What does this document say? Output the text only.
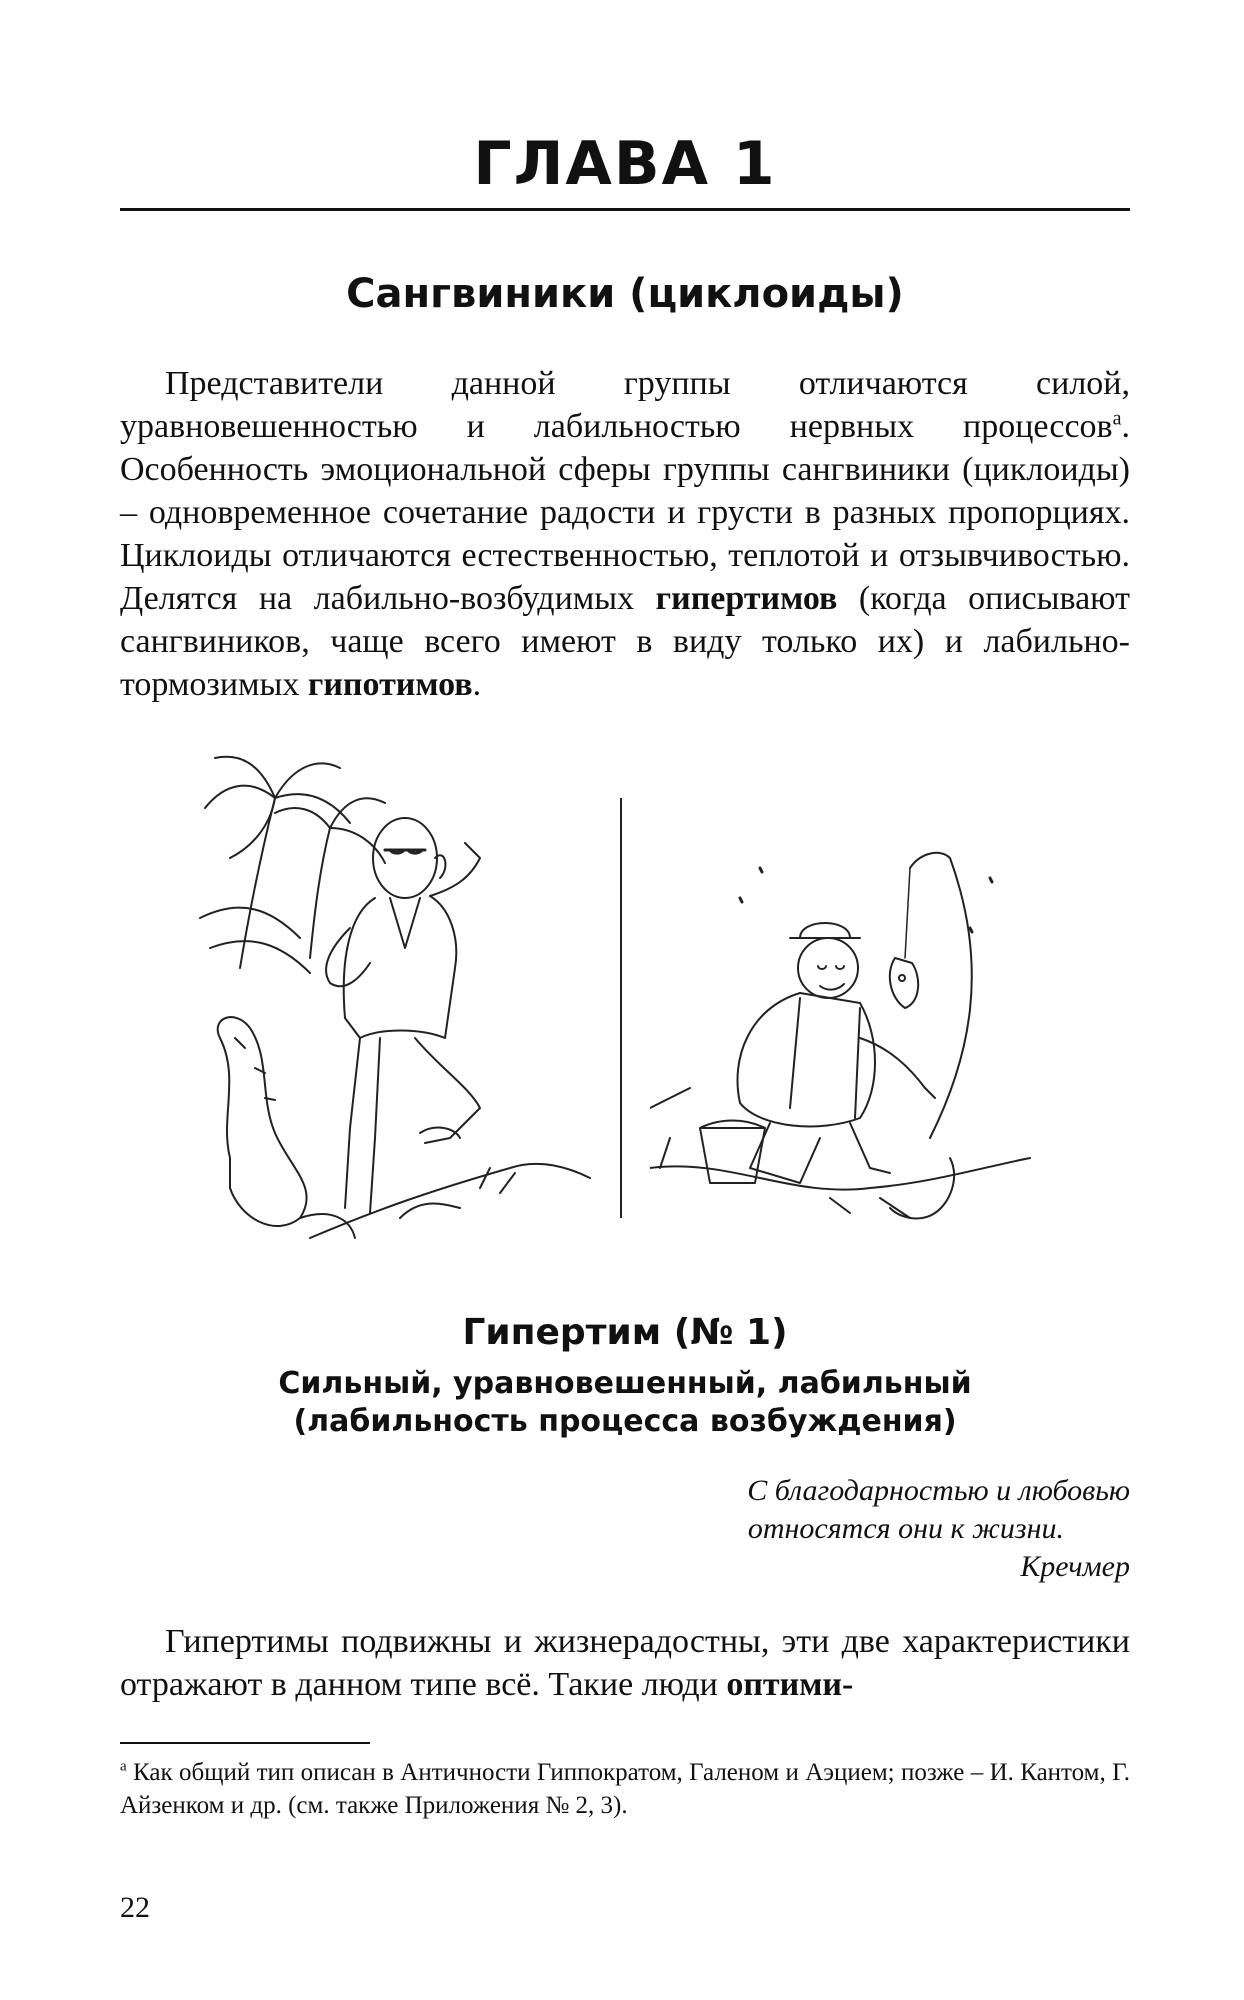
ГЛАВА 1
Сангвиники (циклоиды)

Представители данной группы отличаются силой, уравновешенностью и лабильностью нервных процессов$^a$. Особенность эмоциональной сферы группы сангвиники (циклоиды) – одновременное сочетание радости и грусти в разных пропорциях. Циклоиды отличаются естественностью, теплотой и отзывчивостью. Делятся на лабильно-возбудимых гипертимов (когда описывают сангвиников, чаще всего имеют в виду только их) и лабильно-тормозимых гипотимов.

Гипертим (№ 1)
Сильный, уравновешенный, лабильный
(лабильность процесса возбуждения)
С благодарностью и любовью
относятся они к жизни.
Кречмер

Гипертимы подвижны и жизнерадостны, эти две характеристики отражают в данном типе всё. Такие люди оптими-

$^a$ Как общий тип описан в Античности Гиппократом, Галеном и Аэцием; позже – И. Кантом, Г. Айзенком и др. (см. также Приложения № 2, 3).

22
